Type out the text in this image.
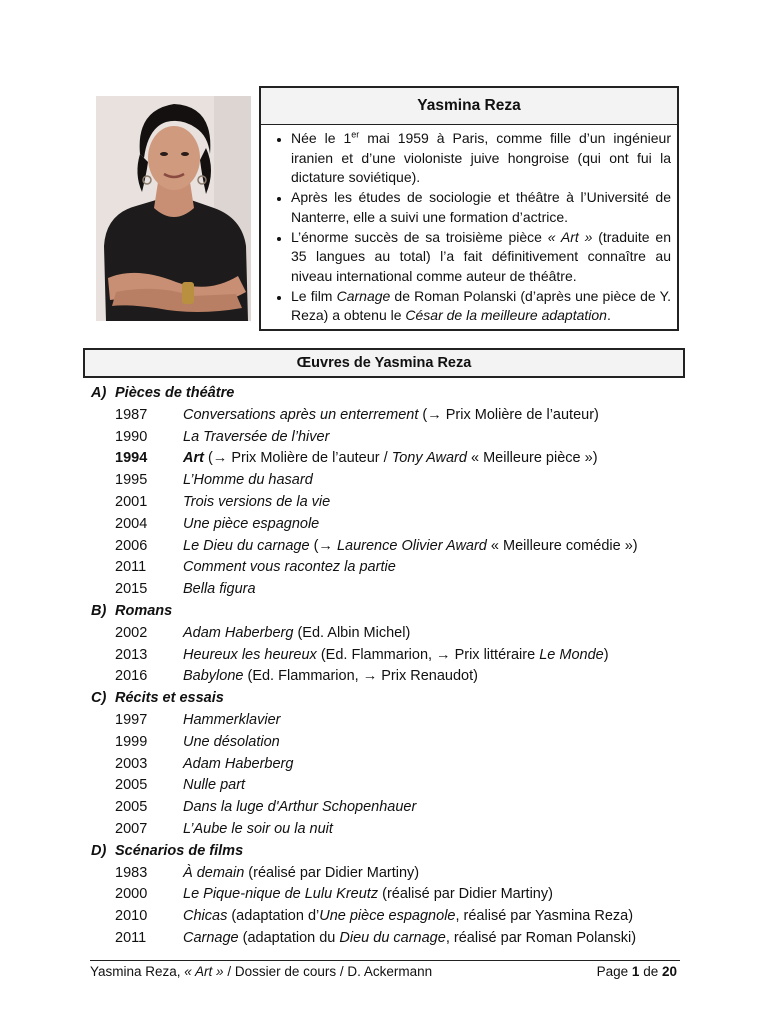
Yasmina Reza
• Née le 1er mai 1959 à Paris, comme fille d’un ingénieur iranien et d’une violoniste juive hongroise (qui ont fui la dictature soviétique).
• Après les études de sociologie et théâtre à l’Université de Nanterre, elle a suivi une formation d’actrice.
• L’énorme succès de sa troisième pièce « Art » (traduite en 35 langues au total) l’a fait définitivement connaître au niveau international comme auteur de théâtre.
• Le film Carnage de Roman Polanski (d’après une pièce de Y. Reza) a obtenu le César de la meilleure adaptation.
Œuvres de Yasmina Reza
A) Pièces de théâtre
1987 Conversations après un enterrement (→ Prix Molière de l’auteur)
1990 La Traversée de l’hiver
1994 Art (→ Prix Molière de l’auteur / Tony Award « Meilleure pièce »)
1995 L’Homme du hasard
2001 Trois versions de la vie
2004 Une pièce espagnole
2006 Le Dieu du carnage (→ Laurence Olivier Award « Meilleure comédie »)
2011	Comment vous racontez la partie
2015 Bella figura
B) Romans
2002 Adam Haberberg (Ed. Albin Michel)
2013 Heureux les heureux (Ed. Flammarion, → Prix littéraire Le Monde)
2016 Babylone (Ed. Flammarion, → Prix Renaudot)
C) Récits et essais
1997 Hammerklavier
1999 Une désolation
2003 Adam Haberberg
2005 Nulle part
2005 Dans la luge d'Arthur Schopenhauer
2007 L’Aube le soir ou la nuit
D) Scénarios de films
1983 À demain (réalisé par Didier Martiny)
2000 Le Pique-nique de Lulu Kreutz (réalisé par Didier Martiny)
2010 Chicas (adaptation d’Une pièce espagnole, réalisé par Yasmina Reza)
2011	Carnage (adaptation du Dieu du carnage, réalisé par Roman Polanski)
Yasmina Reza, « Art » / Dossier de cours / D. Ackermann	Page 1 de 20
